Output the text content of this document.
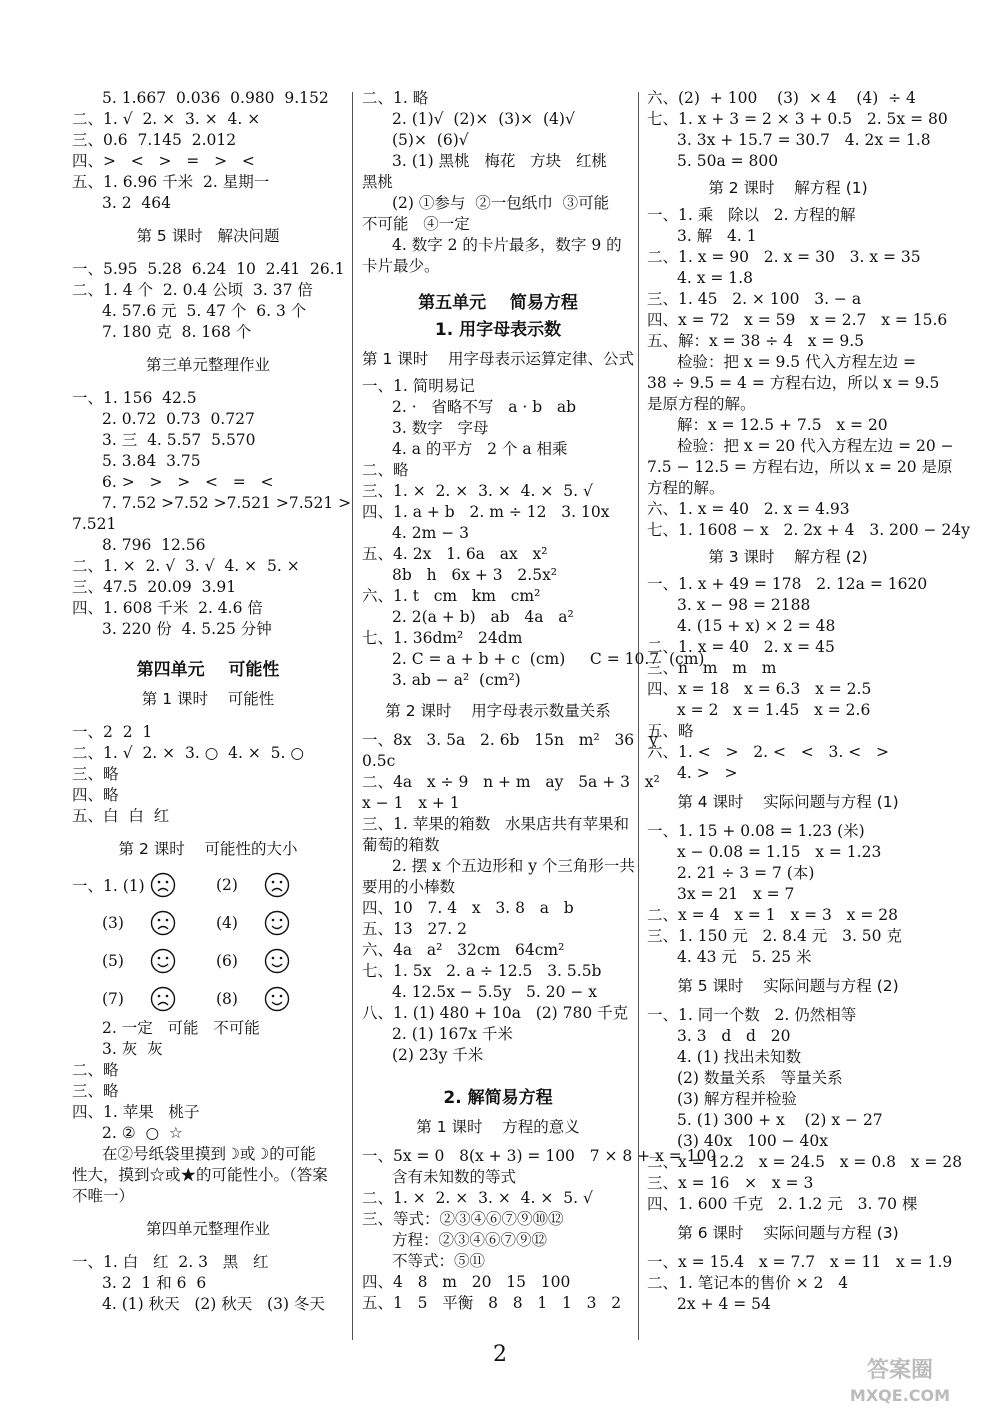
5. 1.667  0.036  0.980  9.152
二、1. √  2. ×  3. ×  4. ×
三、0.6  7.145  2.012
四、>   <   >   =   >   <
五、1. 6.96 千米  2. 星期一
3. 2  464
第 5 课时   解决问题
一、5.95  5.28  6.24  10  2.41  26.1
二、1. 4 个  2. 0.4 公顷  3. 37 倍
4. 57.6 元  5. 47 个  6. 3 个
7. 180 克  8. 168 个
第三单元整理作业
一、1. 156  42.5
2. 0.72  0.73  0.727
3. 三  4. 5.57  5.570
5. 3.84  3.75
6. >   >   >   <   =   <
7. 7.52 >7.52 >7.521 >7.521 >
7.521
8. 796  12.56
二、1. ×  2. √  3. √  4. ×  5. ×
三、47.5  20.09  3.91
四、1. 608 千米  2. 4.6 倍
3. 220 份  4. 5.25 分钟
第四单元    可能性
第 1 课时    可能性
一、2  2  1
二、1. √  2. ×  3. ○  4. ×  5. ○
三、略
四、略
五、白  白  红
第 2 课时    可能性的大小
一、1. (1)	(2)
(3)	(4)
(5)	(6)
(7)	(8)
2. 一定   可能   不可能
3. 灰  灰
二、略
三、略
四、1. 苹果   桃子
2. ②  ○  ☆
在②号纸袋里摸到☽或☽的可能
性大，摸到☆或★的可能性小。（答案
不唯一）
第四单元整理作业
一、1. 白   红  2. 3   黑   红
3. 2  1 和 6  6
4. (1) 秋天   (2) 秋天   (3) 冬天
二、1. 略
2. (1)√  (2)×  (3)×  (4)√
(5)×  (6)√
3. (1) 黑桃   梅花   方块   红桃
黑桃
(2) ①参与  ②一包纸巾  ③可能
不可能   ④一定
4. 数字 2 的卡片最多，数字 9 的
卡片最少。
第五单元    简易方程
1. 用字母表示数
第 1 课时    用字母表示运算定律、公式
一、1. 简明易记
2. ·   省略不写   a · b   ab
3. 数字   字母
4. a 的平方   2 个 a 相乘
二、略
三、1. ×  2. ×  3. ×  4. ×  5. √
四、1. a + b   2. m ÷ 12   3. 10x
4. 2m − 3
五、4. 2x   1. 6a   ax   x²
8b   h   6x + 3   2.5x²
六、1. t   cm   km   cm²
2. 2(a + b)   ab   4a   a²
七、1. 36dm²   24dm
2. C = a + b + c  (cm)     C = 10.7  (cm)
3. ab − a²  (cm²)
第 2 课时    用字母表示数量关系
一、8x   3. 5a   2. 6b   15n   m²   36   y
0.5c
二、4a   x ÷ 9   n + m   ay   5a + 3   x²
x − 1   x + 1
三、1. 苹果的箱数   水果店共有苹果和
葡萄的箱数
2. 摆 x 个五边形和 y 个三角形一共
要用的小棒数
四、10   7. 4   x   3. 8   a   b
五、13   27. 2
六、4a   a²   32cm   64cm²
七、1. 5x   2. a ÷ 12.5   3. 5.5b
4. 12.5x − 5.5y   5. 20 − x
八、1. (1) 480 + 10a   (2) 780 千克
2. (1) 167x 千米
(2) 23y 千米
2. 解简易方程
第 1 课时    方程的意义
一、5x = 0   8(x + 3) = 100   7 × 8 + x = 100
含有未知数的等式
二、1. ×  2. ×  3. ×  4. ×  5. √
三、等式：②③④⑥⑦⑨⑩⑫
方程：②③④⑥⑦⑨⑫
不等式：⑤⑪
四、4   8   m   20   15   100
五、1   5   平衡   8   8   1   1   3   2
六、(2)  + 100    (3)  × 4    (4)  ÷ 4
七、1. x + 3 = 2 × 3 + 0.5   2. 5x = 80
3. 3x + 15.7 = 30.7   4. 2x = 1.8
5. 50a = 800
第 2 课时    解方程 (1)
一、1. 乘   除以   2. 方程的解
3. 解   4. 1
二、1. x = 90   2. x = 30   3. x = 35
4. x = 1.8
三、1. 45   2. × 100   3. − a
四、x = 72   x = 59   x = 2.7   x = 15.6
五、解：x = 38 ÷ 4   x = 9.5
检验：把 x = 9.5 代入方程左边 =
38 ÷ 9.5 = 4 = 方程右边，所以 x = 9.5
是原方程的解。
解：x = 12.5 + 7.5   x = 20
检验：把 x = 20 代入方程左边 = 20 −
7.5 − 12.5 = 方程右边，所以 x = 20 是原
方程的解。
六、1. x = 40   2. x = 4.93
七、1. 1608 − x   2. 2x + 4   3. 200 − 24y
第 3 课时    解方程 (2)
一、1. x + 49 = 178   2. 12a = 1620
3. x − 98 = 2188
4. (15 + x) × 2 = 48
二、1. x = 40   2. x = 45
三、n   m   m   m
四、x = 18   x = 6.3   x = 2.5
x = 2   x = 1.45   x = 2.6
五、略
六、1. <   >   2. <   <   3. <   >
4. >   >
第 4 课时    实际问题与方程 (1)
一、1. 15 + 0.08 = 1.23 (米)
x − 0.08 = 1.15   x = 1.23
2. 21 ÷ 3 = 7 (本)
3x = 21   x = 7
二、x = 4   x = 1   x = 3   x = 28
三、1. 150 元   2. 8.4 元   3. 50 克
4. 43 元   5. 25 米
第 5 课时    实际问题与方程 (2)
一、1. 同一个数   2. 仍然相等
3. 3   d   d   20
4. (1) 找出未知数
(2) 数量关系   等量关系
(3) 解方程并检验
5. (1) 300 + x    (2) x − 27
(3) 40x   100 − 40x
二、x = 12.2   x = 24.5   x = 0.8   x = 28
三、x = 16   ×   x = 3
四、1. 600 千克   2. 1.2 元   3. 70 棵
第 6 课时    实际问题与方程 (3)
一、x = 15.4   x = 7.7   x = 11   x = 1.9
二、1. 笔记本的售价 × 2   4
2x + 4 = 54
2
答案圈
MXQE.COM
